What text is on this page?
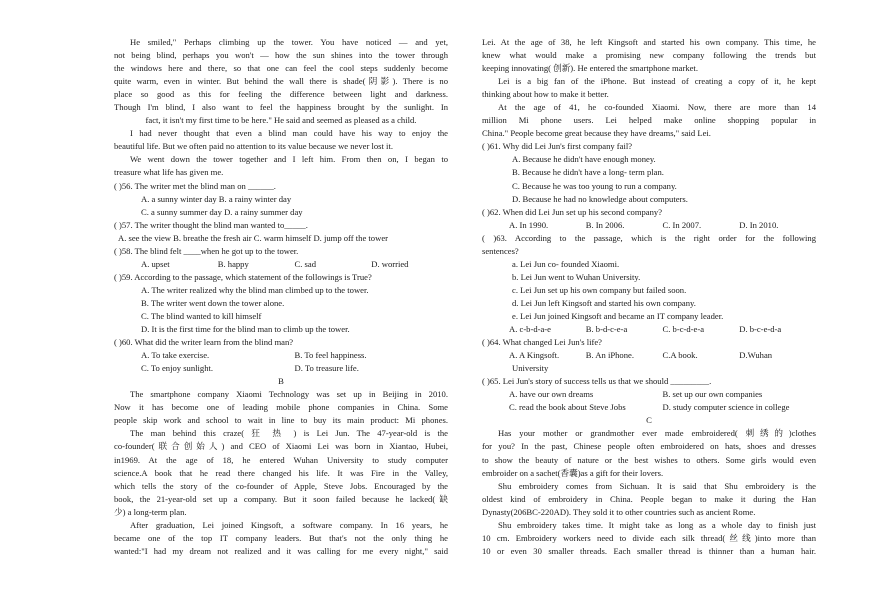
He smiled," Perhaps climbing up the tower. You have noticed — and yet,
not being blind, perhaps you won't — how the sun shines into the tower through
the windows here and there, so that one can feel the cool steps suddenly become
quite warm, even in winter. But behind the wall there is shade(阴影). There is no
place so good as this for feeling the difference between light and darkness.
Though I'm blind, I also want to feel the happiness brought by the sunlight. In
fact, it isn't my first time to be here." He said and seemed as pleased as a child.
I had never thought that even a blind man could have his way to enjoy the
beautiful life. But we often paid no attention to its value because we never lost it.
We went down the tower together and I left him. From then on, I began to
treasure what life has given me.
( )56. The writer met the blind man on ______.
A. a sunny winter day B. a rainy winter day
C. a sunny summer day D. a rainy summer day
( )57. The writer thought the blind man wanted to_____.
A. see the view B. breathe the fresh air C. warm himself D. jump off the tower
( )58. The blind felt ____when he got up to the tower.
A. upset	B. happy	C. sad	D. worried
( )59. According to the passage, which statement of the followings is True?
A. The writer realized why the blind man climbed up to the tower.
B. The writer went down the tower alone.
C. The blind wanted to kill himself
D. It is the first time for the blind man to climb up the tower.
( )60. What did the writer learn from the blind man?
A. To take exercise.	B. To feel happiness.
C. To enjoy sunlight.	D. To treasure life.
B
The smartphone company Xiaomi Technology was set up in Beijing in 2010.
Now it has become one of leading mobile phone companies in China. Some
people skip work and school to wait in line to buy its main product: Mi phones.
The man behind this craze( 狂 热 ) is Lei Jun. The 47-year-old is the
co-founder(联合创始人) and CEO of Xiaomi Lei was born in Xiantao, Hubei,
in1969. At the age of 18, he entered Wuhan University to study computer
science.A book that he read there changed his life. It was Fire in the Valley,
which tells the story of the co-founder of Apple, Steve Jobs. Encouraged by the
book, the 21-year-old set up a company. But it soon failed because he lacked(缺
少) a long-term plan.
After graduation, Lei joined Kingsoft, a software company. In 16 years, he
became one of the top IT company leaders. But that's not the only thing he
wanted:"I had my dream not realized and it was calling for me every night," said
Lei. At the age of 38, he left Kingsoft and started his own company. This time, he
knew what would make a promising new company following the trends but
keeping innovating( 创新). He entered the smartphone market.
Lei is a big fan of the iPhone. But instead of creating a copy of it, he kept
thinking about how to make it better.
At the age of 41, he co-founded Xiaomi. Now, there are more than 14
million Mi phone users. Lei helped make online shopping popular in
China." People become great because they have dreams," said Lei.
( )61. Why did Lei Jun's first company fail?
A. Because he didn't have enough money.
B. Because he didn't have a long- term plan.
C. Because he was too young to run a company.
D. Because he had no knowledge about computers.
( )62. When did Lei Jun set up his second company?
A. In 1990.	B. In 2006.	C. In 2007.	D. In 2010.
( )63. According to the passage, which is the right order for the following
sentences?
a. Lei Jun co- founded Xiaomi.
b. Lei Jun went to Wuhan University.
c. Lei Jun set up his own company but failed soon.
d. Lei Jun left Kingsoft and started his own company.
e. Lei Jun joined Kingsoft and became an IT company leader.
A. c-b-d-a-e	B. b-d-c-e-a	C. b-c-d-e-a	D. b-c-e-d-a
( )64. What changed Lei Jun's life?
A. A Kingsoft.	B. An iPhone.	C.A book.	D.Wuhan
University
( )65. Lei Jun's story of success tells us that we should _________.
A. have our own dreams	B. set up our own companies
C. read the book about Steve Jobs	D. study computer science in college
C
Has your mother or grandmother ever made embroidered( 刺绣的)clothes
for you? In the past, Chinese people often embroidered on hats, shoes and dresses
to show the beauty of nature or the best wishes to others. Some girls would even
embroider on a sachet(香囊)as a gift for their lovers.
Shu embroidery comes from Sichuan. It is said that Shu embroidery is the
oldest kind of embroidery in China. People began to make it during the Han
Dynasty(206BC-220AD). They sold it to other countries such as ancient Rome.
Shu embroidery takes time. It might take as long as a whole day to finish just
10 cm. Embroidery workers need to divide each silk thread(丝线)into more than
10 or even 30 smaller threads. Each smaller thread is thinner than a human hair.
